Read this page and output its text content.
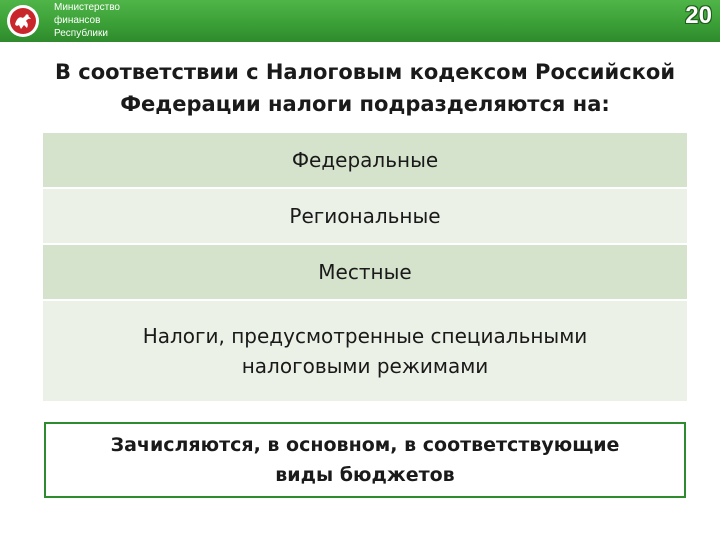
Министерство
финансов
Республики
20
В соответствии с Налоговым кодексом Российской
Федерации налоги подразделяются на:
Федеральные
Региональные
Местные
Налоги, предусмотренные специальными
налоговыми режимами
Зачисляются, в основном, в соответствующие
виды бюджетов
